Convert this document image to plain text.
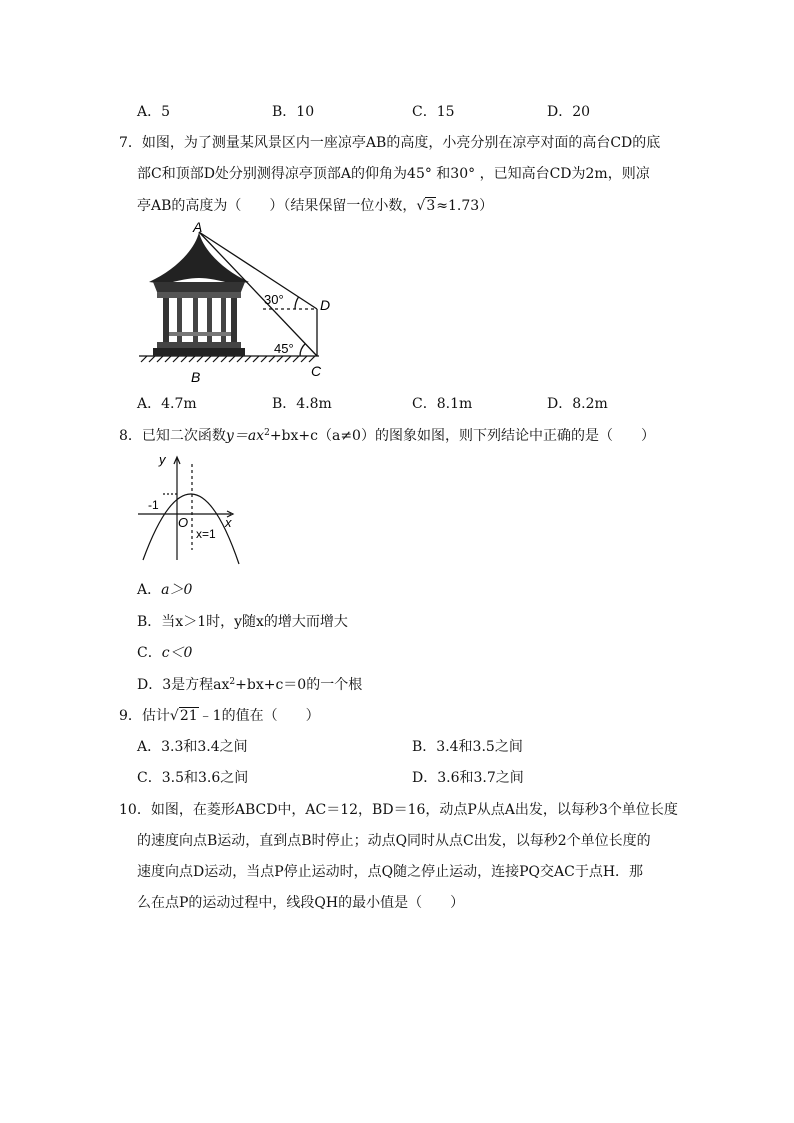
A．5	B．10	C．15	D．20
7．如图，为了测量某风景区内一座凉亭AB的高度，小亮分别在凉亭对面的高台CD的底
部C和顶部D处分别测得凉亭顶部A的仰角为45° 和30° ，已知高台CD为2m，则凉
亭AB的高度为（　　）（结果保留一位小数，√3≈1.73）
A
B	C
D
30°
45°
A．4.7m	B．4.8m	C．8.1m	D．8.2m
8．已知二次函数$y=ax^2+bx+c(a\ne 0)$的图象如图，则下列结论中正确的是（　　）
y
x
O
-1
x=1
A．a＞0
B．当x＞1时，y随x的增大而增大
C．c＜0
D．3是方程$ax^2+bx+c=0$的一个根
9．估计√21﹣1的值在（　　）
A．3.3和3.4之间	B．3.4和3.5之间
C．3.5和3.6之间	D．3.6和3.7之间
10．如图，在菱形ABCD中，AC＝12，BD＝16，动点P从点A出发，以每秒3个单位长度
的速度向点B运动，直到点B时停止；动点Q同时从点C出发，以每秒2个单位长度的
速度向点D运动，当点P停止运动时，点Q随之停止运动，连接PQ交AC于点H．那
么在点P的运动过程中，线段QH的最小值是（　　）
